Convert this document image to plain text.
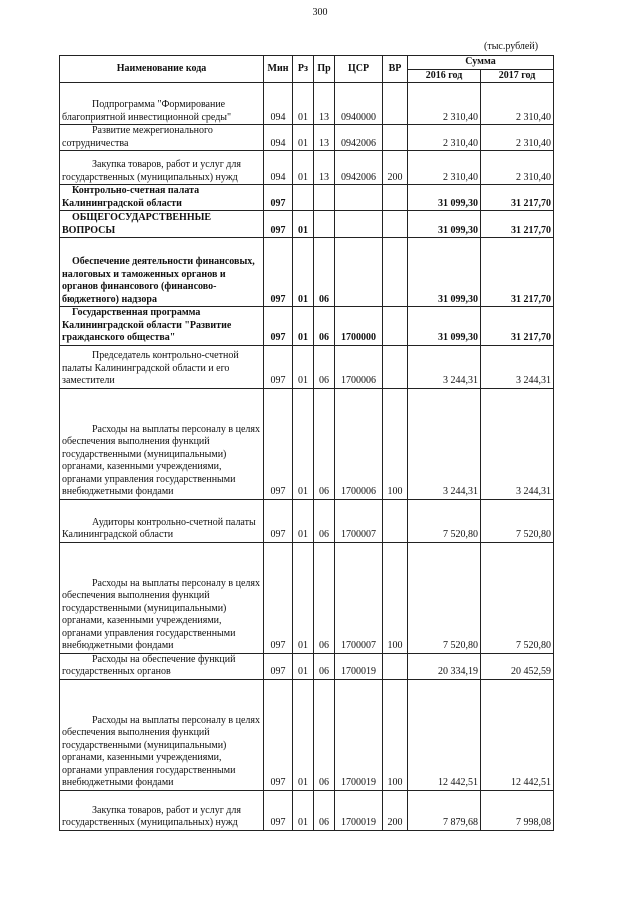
300
(тыс.рублей)
Наименование кода	Мин	Рз	Пр	ЦСР	ВР	Сумма	
						2016 год	2017 год

Подпрограмма "Формирование благоприятной инвестиционной среды"	094	01	13	0940000		2 310,40	2 310,40

Развитие межрегионального сотрудничества	094	01	13	0942006		2 310,40	2 310,40

Закупка товаров, работ и услуг для государственных (муниципальных) нужд	094	01	13	0942006	200	2 310,40	2 310,40

Контрольно-счетная палата Калининградской области	097					31 099,30	31 217,70

ОБЩЕГОСУДАРСТВЕННЫЕ ВОПРОСЫ	097	01				31 099,30	31 217,70

Обеспечение деятельности финансовых, налоговых и таможенных органов и органов финансового (финансово-бюджетного) надзора	097	01	06			31 099,30	31 217,70

Государственная программа Калининградской области "Развитие гражданского общества"	097	01	06	1700000		31 099,30	31 217,70

Председатель контрольно-счетной палаты Калининградской области и его заместители	097	01	06	1700006		3 244,31	3 244,31

Расходы на выплаты персоналу в целях обеспечения выполнения функций государственными (муниципальными) органами, казенными учреждениями, органами управления государственными внебюджетными фондами	097	01	06	1700006	100	3 244,31	3 244,31

Аудиторы контрольно-счетной палаты Калининградской области	097	01	06	1700007		7 520,80	7 520,80

Расходы на выплаты персоналу в целях обеспечения выполнения функций государственными (муниципальными) органами, казенными учреждениями, органами управления государственными внебюджетными фондами	097	01	06	1700007	100	7 520,80	7 520,80

Расходы на обеспечение функций государственных органов	097	01	06	1700019		20 334,19	20 452,59

Расходы на выплаты персоналу в целях обеспечения выполнения функций государственными (муниципальными) органами, казенными учреждениями, органами управления государственными внебюджетными фондами	097	01	06	1700019	100	12 442,51	12 442,51

Закупка товаров, работ и услуг для государственных (муниципальных) нужд	097	01	06	1700019	200	7 879,68	7 998,08
